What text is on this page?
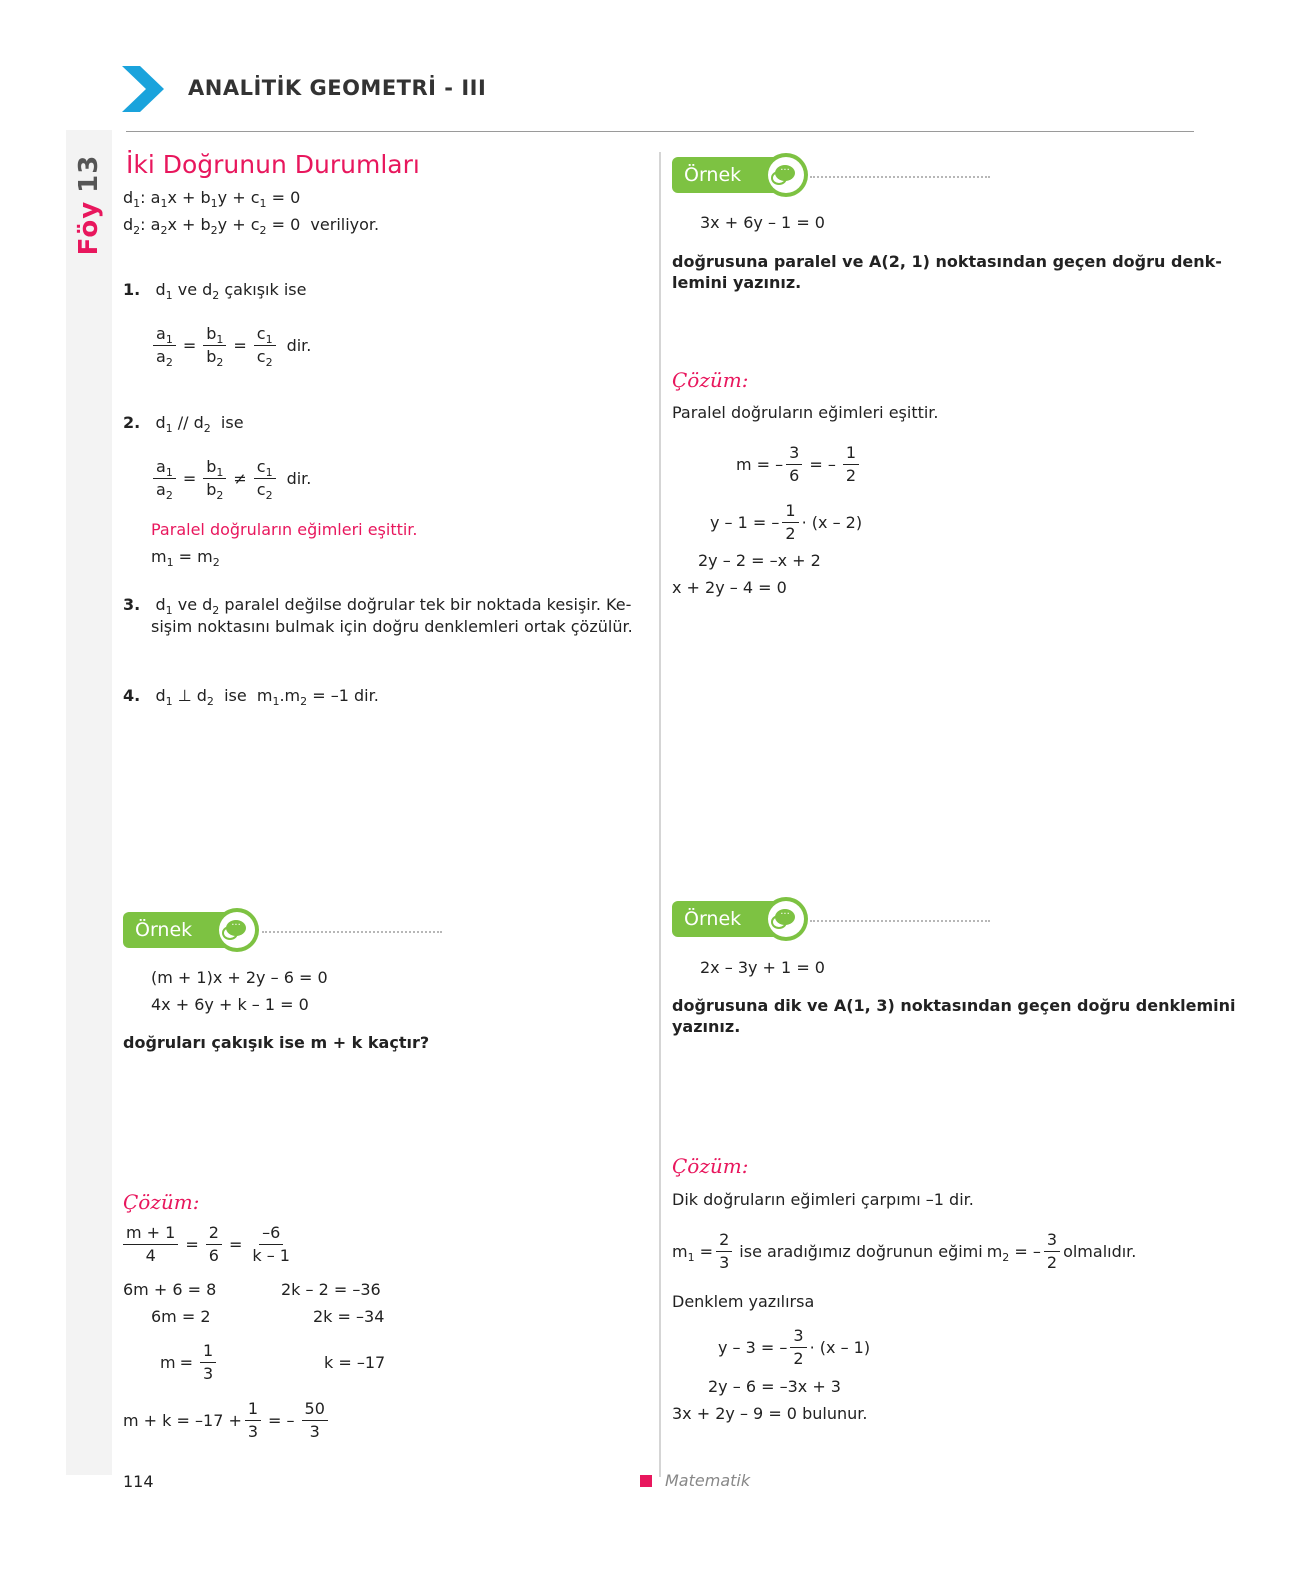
ANALİTİK GEOMETRİ - III
Föy13 İki Doğrunun Durumları
$d_1$: $a_1x + b_1y + c_1 = 0$
$d_2$: $a_2x + b_2y + c_2 = 0$  veriliyor.
1.   $d_1$ ve $d_2$ çakışık ise
$\frac{a_1}{a_2} = \frac{b_1}{b_2} = \frac{c_1}{c_2}$ dir.
2.   $d_1 // d_2$ ise
$\frac{a_1}{a_2} = \frac{b_1}{b_2} \ne \frac{c_1}{c_2}$ dir.
Paralel doğruların eğimleri eşittir.
$m_1 = m_2$
3.   $d_1$ ve $d_2$ paralel değilse doğrular tek bir noktada kesişir. Ke-
sişim noktasını bulmak için doğru denklemleri ortak çözülür.
4.   $d_1$ ⊥ $d_2$ ise  $m_1.m_2 = -1$ dir.
Örnek	···
(m + 1)x + 2y – 6 = 0
4x + 6y + k – 1 = 0
doğruları çakışık ise m + k kaçtır?
Çözüm:
$\frac{m + 1}{4} = \frac{2}{6} = \frac{-6}{k - 1}$
6m + 6 = 8
6m = 2
$m = \frac{1}{3}$
2k – 2 = –36
2k = –34
k = –17
$m + k = -17 + \frac{1}{3}$ = – $\frac{50}{3}$
Örnek	···
3x + 6y – 1 = 0
doğrusuna paralel ve A(2, 1) noktasından geçen doğru denk-
lemini yazınız.
Çözüm:
Paralel doğruların eğimleri eşittir.
m = – $\frac{3}{6}$ = – $\frac{1}{2}$
y – 1 = – $\frac{1}{2} \cdot (x - 2)$
2y – 2 = –x + 2
x + 2y – 4 = 0
Örnek	···
2x – 3y + 1 = 0
doğrusuna dik ve A(1, 3) noktasından geçen doğru denklemini
yazınız.
Çözüm:
Dik doğruların eğimleri çarpımı –1 dir.
$m_1 = \frac{2}{3}$ ise aradığımız doğrunun eğimi $m_2$ = – $\frac{3}{2}$ olmalıdır.
Denklem yazılırsa
y – 3 = – $\frac{3}{2} \cdot (x - 1)$
2y – 6 = –3x + 3
3x + 2y – 9 = 0 bulunur.
114	Matematik
